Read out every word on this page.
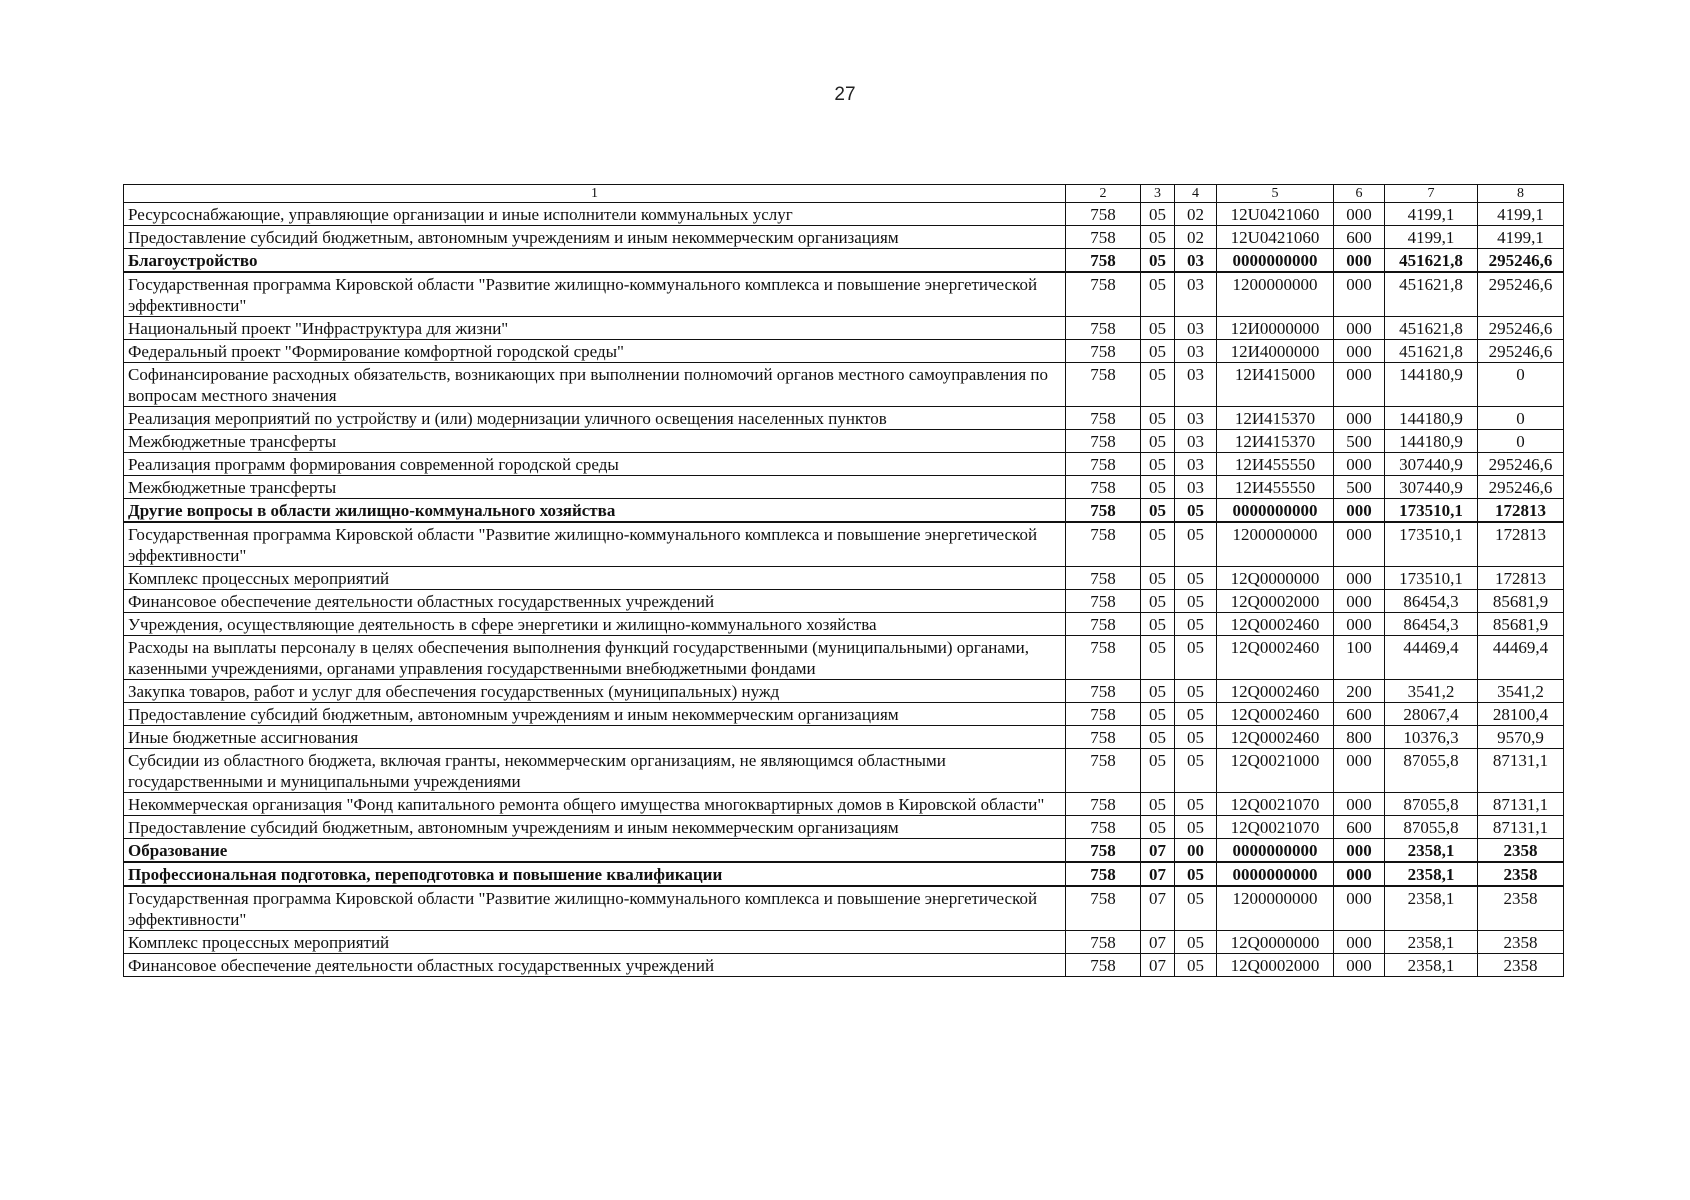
27
1	2	3	4	5	6	7	8
Ресурсоснабжающие, управляющие организации и иные исполнители коммунальных услуг	758	05	02	12U0421060	000	4199,1	4199,1
Предоставление субсидий бюджетным, автономным учреждениям и иным некоммерческим организациям	758	05	02	12U0421060	600	4199,1	4199,1
Благоустройство	758	05	03	0000000000	000	451621,8	295246,6
Государственная программа Кировской области "Развитие жилищно-коммунального комплекса и повышение энергетической эффективности"	758	05	03	1200000000	000	451621,8	295246,6
Национальный проект "Инфраструктура для жизни"	758	05	03	12И0000000	000	451621,8	295246,6
Федеральный проект "Формирование комфортной городской среды"	758	05	03	12И4000000	000	451621,8	295246,6
Софинансирование расходных обязательств, возникающих при выполнении полномочий органов местного самоуправления по вопросам местного значения	758	05	03	12И415000	000	144180,9	0
Реализация мероприятий по устройству и (или) модернизации уличного освещения населенных пунктов	758	05	03	12И415370	000	144180,9	0
Межбюджетные трансферты	758	05	03	12И415370	500	144180,9	0
Реализация программ формирования современной городской среды	758	05	03	12И455550	000	307440,9	295246,6
Межбюджетные трансферты	758	05	03	12И455550	500	307440,9	295246,6
Другие вопросы в области жилищно-коммунального хозяйства	758	05	05	0000000000	000	173510,1	172813
Государственная программа Кировской области "Развитие жилищно-коммунального комплекса и повышение энергетической эффективности"	758	05	05	1200000000	000	173510,1	172813
Комплекс процессных мероприятий	758	05	05	12Q0000000	000	173510,1	172813
Финансовое обеспечение деятельности областных государственных учреждений	758	05	05	12Q0002000	000	86454,3	85681,9
Учреждения, осуществляющие деятельность в сфере энергетики и жилищно-коммунального хозяйства	758	05	05	12Q0002460	000	86454,3	85681,9
Расходы на выплаты персоналу в целях обеспечения выполнения функций государственными (муниципальными) органами, казенными учреждениями, органами управления государственными внебюджетными фондами	758	05	05	12Q0002460	100	44469,4	44469,4
Закупка товаров, работ и услуг для обеспечения государственных (муниципальных) нужд	758	05	05	12Q0002460	200	3541,2	3541,2
Предоставление субсидий бюджетным, автономным учреждениям и иным некоммерческим организациям	758	05	05	12Q0002460	600	28067,4	28100,4
Иные бюджетные ассигнования	758	05	05	12Q0002460	800	10376,3	9570,9
Субсидии из областного бюджета, включая гранты, некоммерческим организациям, не являющимся областными государственными и муниципальными учреждениями	758	05	05	12Q0021000	000	87055,8	87131,1
Некоммерческая организация "Фонд капитального ремонта общего имущества многоквартирных домов в Кировской области"	758	05	05	12Q0021070	000	87055,8	87131,1
Предоставление субсидий бюджетным, автономным учреждениям и иным некоммерческим организациям	758	05	05	12Q0021070	600	87055,8	87131,1
Образование	758	07	00	0000000000	000	2358,1	2358
Профессиональная подготовка, переподготовка и повышение квалификации	758	07	05	0000000000	000	2358,1	2358
Государственная программа Кировской области "Развитие жилищно-коммунального комплекса и повышение энергетической эффективности"	758	07	05	1200000000	000	2358,1	2358
Комплекс процессных мероприятий	758	07	05	12Q0000000	000	2358,1	2358
Финансовое обеспечение деятельности областных государственных учреждений	758	07	05	12Q0002000	000	2358,1	2358
